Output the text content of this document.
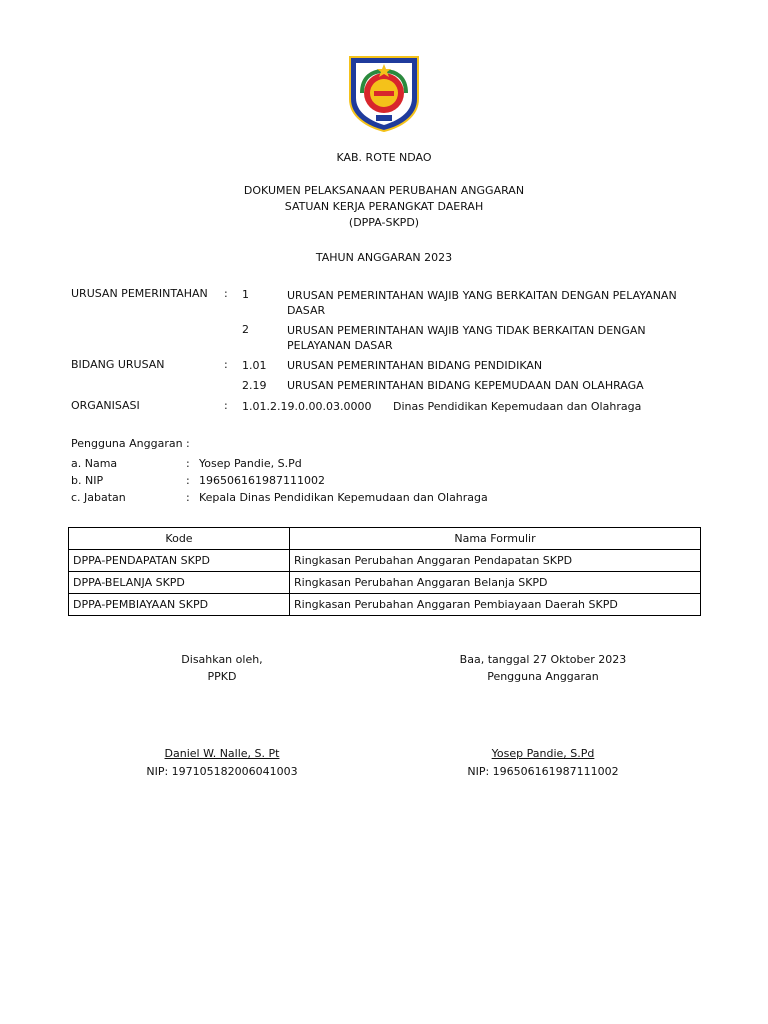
KAB. ROTE NDAO
DOKUMEN PELAKSANAAN PERUBAHAN ANGGARAN
SATUAN KERJA PERANGKAT DAERAH
(DPPA-SKPD)
TAHUN ANGGARAN 2023
URUSAN PEMERINTAHAN : 1	URUSAN PEMERINTAHAN WAJIB YANG BERKAITAN DENGAN PELAYANAN
DASAR
2	URUSAN PEMERINTAHAN WAJIB YANG TIDAK BERKAITAN DENGAN
PELAYANAN DASAR
BIDANG URUSAN	: 1.01 URUSAN PEMERINTAHAN BIDANG PENDIDIKAN
2.19 URUSAN PEMERINTAHAN BIDANG KEPEMUDAAN DAN OLAHRAGA
ORGANISASI	: 1.01.2.19.0.00.03.0000 Dinas Pendidikan Kepemudaan dan Olahraga
Pengguna Anggaran :
a. Nama	: Yosep Pandie, S.Pd
b. NIP	: 196506161987111002
c. Jabatan	: Kepala Dinas Pendidikan Kepemudaan dan Olahraga
Kode	Nama Formulir
DPPA-PENDAPATAN SKPD	Ringkasan Perubahan Anggaran Pendapatan SKPD
DPPA-BELANJA SKPD	Ringkasan Perubahan Anggaran Belanja SKPD
DPPA-PEMBIAYAAN SKPD	Ringkasan Perubahan Anggaran Pembiayaan Daerah SKPD
Disahkan oleh,
PPKD
Daniel W. Nalle, S. Pt
NIP: 197105182006041003
Baa, tanggal 27 Oktober 2023
Pengguna Anggaran
Yosep Pandie, S.Pd
NIP: 196506161987111002
